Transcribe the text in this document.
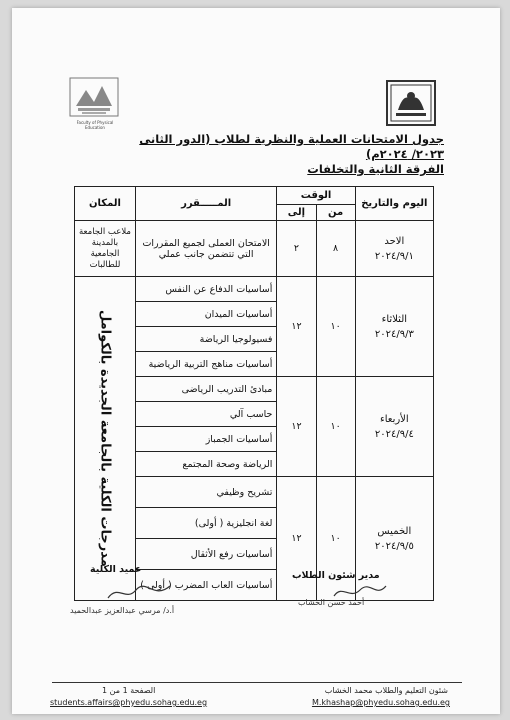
Faculty of Physical Education
جدول الامتحانات العملية والنظرية لطلاب (الدور الثانى ٢٠٢٣/ ٢٠٢٤م)
الفرقة الثانية والتخلفات
اليوم والتاريخ	الوقت		المـــــقرر	المكان
	من	إلى		

الاحد
٢٠٢٤/٩/١	٨	٢	الامتحان العملى لجميع المقررات التي تتضمن جانب عملي	ملاعب الجامعة بالمدينة الجامعية للطالبات

الثلاثاء
٢٠٢٤/٩/٣	١٠	١٢	أساسيات الدفاع عن النفس	مدرجات الكلية بالجامعة الجديدة بالكوامل

			أساسيات الميدان	
			فسيولوجيا الرياضة	
			أساسيات مناهج التربية الرياضية	

الأربعاء
٢٠٢٤/٩/٤	١٠	١٢	مبادئ التدريب الرياضى	
			حاسب آلي	
			أساسيات الجمباز	
			الرياضة وصحة المجتمع	

الخميس
٢٠٢٤/٩/٥	١٠	١٢	تشريح وظيفي	
			لغة انجليزية ( أولى)	
			أساسيات رفع الأثقال	
			أساسيات العاب المضرب ( أولى )	
عميد الكلية
أ.د/ مرسي عبدالعزيز عبدالحميد
مدير شئون الطلاب
أحمد حسن الخشاب
الصفحة 1 من 1
students.affairs@phyedu.sohag.edu.eg
شئون التعليم والطلاب محمد الخشاب
M.khashap@phyedu.sohag.edu.eg
